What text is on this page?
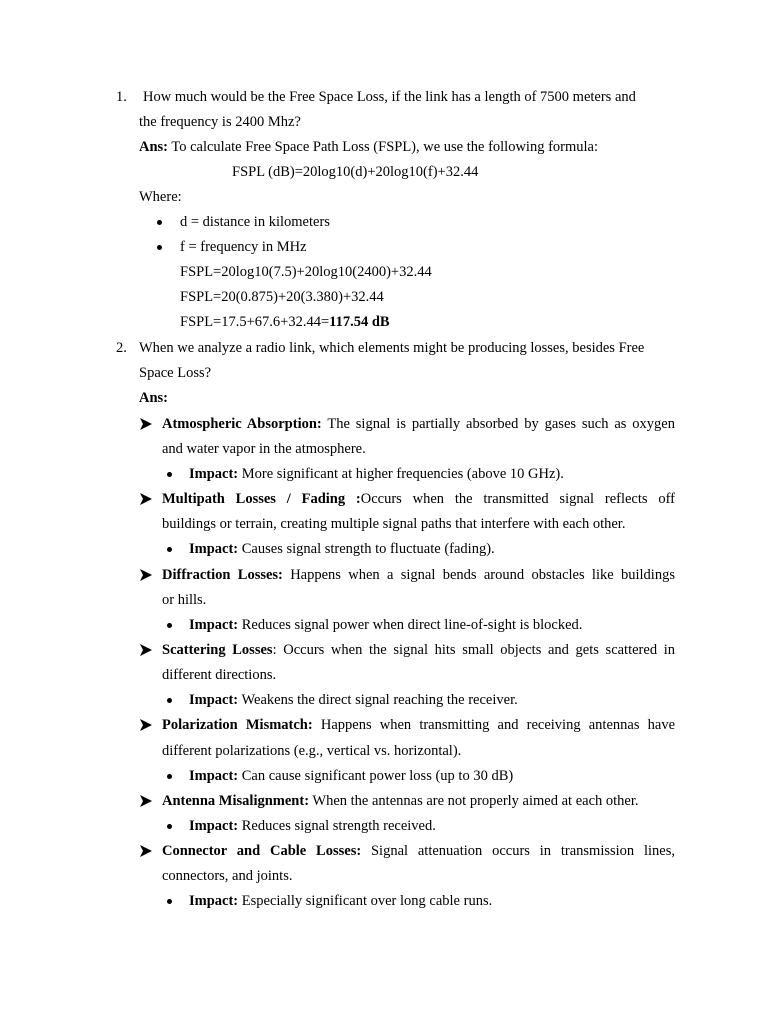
1. How much would be the Free Space Loss, if the link has a length of 7500 meters and
the frequency is 2400 Mhz?
Ans: To calculate Free Space Path Loss (FSPL), we use the following formula:
FSPL (dB)=20log10(d)+20log10(f)+32.44
Where:
d = distance in kilometers
f = frequency in MHz
FSPL=20log10(7.5)+20log10(2400)+32.44
FSPL=20(0.875)+20(3.380)+32.44
FSPL=17.5+67.6+32.44=117.54 dB
2. When we analyze a radio link, which elements might be producing losses, besides Free
Space Loss?
Ans:
Atmospheric Absorption: The signal is partially absorbed by gases such as oxygen
and water vapor in the atmosphere.
Impact: More significant at higher frequencies (above 10 GHz).
Multipath Losses / Fading :Occurs when the transmitted signal reflects off
buildings or terrain, creating multiple signal paths that interfere with each other.
Impact: Causes signal strength to fluctuate (fading).
Diffraction Losses: Happens when a signal bends around obstacles like buildings
or hills.
Impact: Reduces signal power when direct line-of-sight is blocked.
Scattering Losses: Occurs when the signal hits small objects and gets scattered in
different directions.
Impact: Weakens the direct signal reaching the receiver.
Polarization Mismatch: Happens when transmitting and receiving antennas have
different polarizations (e.g., vertical vs. horizontal).
Impact: Can cause significant power loss (up to 30 dB)
Antenna Misalignment: When the antennas are not properly aimed at each other.
Impact: Reduces signal strength received.
Connector and Cable Losses: Signal attenuation occurs in transmission lines,
connectors, and joints.
Impact: Especially significant over long cable runs.
